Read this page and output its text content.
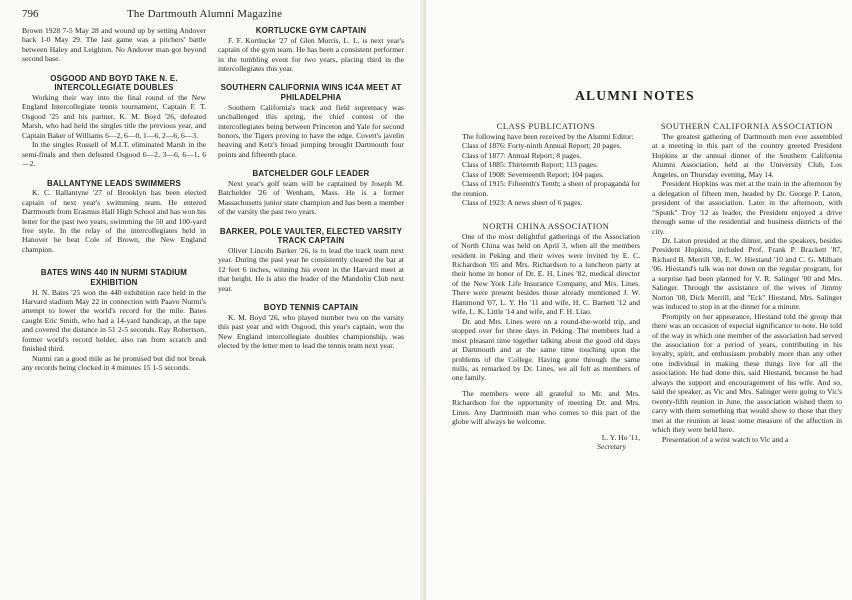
796	The Dartmouth Alumni Magazine

Brown 1928 7-5 May 28 and wound up by setting Andover back 1-0 May 29. The last game was a pitchers' battle between Haley and Leighton. No Andover man got beyond second base.

OSGOOD AND BOYD TAKE N. E. INTERCOLLEGIATE DOUBLES

Working their way into the final round of the New England Intercollegiate tennis tournament, Captain F. T. Osgood '25 and his partner, K. M. Boyd '26, defeated Marsh, who had held the singles title the previous year, and Captain Baker of Williams 6—2, 6—0, 1—6, 2—6, 6—3.

In the singles Russell of M.I.T. eliminated Marsh in the semi-finals and then defeated Osgood 6—2, 3—6, 6—1, 6—2.

BALLANTYNE LEADS SWIMMERS

K. C. Ballantyne '27 of Brooklyn has been elected captain of next year's swimming team. He entered Dartmouth from Erasmus Hall High School and has won his letter for the past two years, swimming the 50 and 100-yard free style. In the relay of the intercollegiates held in Hanover he beat Cole of Brown, the New England champion.

BATES WINS 440 IN NURMI STADIUM EXHIBITION

H. N. Bates '25 won the 440 exhibition race held in the Harvard stadium May 22 in connection with Paavo Nurmi's attempt to lower the world's record for the mile. Bates caught Eric Smith, who had a 14-yard handicap, at the tape and covered the distance in 51 2-5 seconds. Ray Robertson, former world's record holder, also ran from scratch and finished third.

Nurmi ran a good mile as he promised but did not break any records being clocked in 4 minutes 15 1-5 seconds.

KORTLUCKE GYM CAPTAIN

F. F. Kortlucke '27 of Glen Morris, L. I., is next year's captain of the gym team. He has been a consistent performer in the tumbling event for two years, placing third in the intercollegiates this year.

SOUTHERN CALIFORNIA WINS IC4A MEET AT PHILADELPHIA

Southern California's track and field supremacy was unchallenged this spring, the chief contest of the intercollegiates being between Princeton and Yale for second honors, the Tigers proving to have the edge. Covert's javelin heaving and Ketz's broad jumping brought Dartmouth four points and fifteenth place.

BATCHELDER GOLF LEADER

Next year's golf team will be captained by Joseph M. Batchelder '26 of Wenham, Mass. He is a former Massachusetts junior state champion and has been a member of the varsity the past two years.

BARKER, POLE VAULTER, ELECTED VARSITY TRACK CAPTAIN

Oliver Lincoln Barker '26, is to lead the track team next year. During the past year he consistently cleared the bar at 12 feet 6 inches, winning his event in the Harvard meet at that height. He is also the leader of the Mandolin Club next year.

BOYD TENNIS CAPTAIN

K. M. Boyd '26, who played number two on the varsity this past year and with Osgood, this year's captain, won the New England intercollegiate doubles championship, was elected by the letter men to lead the tennis team next year.

CLASS PUBLICATIONS

The following have been received by the Alumni Editor:

Class of 1876: Forty-ninth Annual Report; 20 pages.

Class of 1877: Annual Report; 8 pages.

Class of 1885: Thirteenth Report; 113 pages.

Class of 1908: Seventeenth Report; 104 pages.

Class of 1915: Fifteenth's Tenth; a sheet of propaganda for the reunion.

Class of 1923: A news sheet of 6 pages.

NORTH CHINA ASSOCIATION

One of the most delightful gatherings of the Association of North China was held on April 3, when all the members resident in Peking and their wives were invited by E. C. Richardson '05 and Mrs. Richardson to a luncheon party at their home in honor of Dr. E. H. Lines '82, medical director of the New York Life Insurance Company, and Mrs. Lines. There were present besides those already mentioned J. W. Hammond '07, L. Y. Ho '11 and wife, H. C. Barnett '12 and wife, L. K. Little '14 and wife, and F. H. Liao.

Dr. and Mrs. Lines were on a round-the-world trip, and stopped over for three days in Peking. The members had a most pleasant time together talking about the good old days at Dartmouth and at the same time touching upon the problems of the College. Having gone through the same mills, as remarked by Dr. Lines, we all felt as members of one family.

The members were all grateful to Mr. and Mrs. Richardson for the opportunity of meeting Dr. and Mrs. Lines. Any Dartmouth man who comes to this part of the globe will always be welcome.

L. Y. Ho '11,
Secretary
SOUTHERN CALIFORNIA ASSOCIATION

The greatest gathering of Dartmouth men ever assembled at a meeting in this part of the country greeted President Hopkins at the annual dinner of the Southern California Alumni Association, held at the University Club, Los Angeles, on Thursday evening, May 14.

President Hopkins was met at the train in the afternoon by a delegation of fifteen men, headed by Dr. George P. Laton, president of the association. Later in the afternoon, with "Spunk" Troy '12 as leader, the President enjoyed a drive through some of the residential and business districts of the city.

Dr. Laton presided at the dinner, and the speakers, besides President Hopkins, included Prof. Frank P. Brackett '87, Richard B. Merrill '08, E. W. Hiestand '10 and C. G. Milham '06. Hiestand's talk was not down on the regular program, for a surprise had been planned for V. R. Salinger '00 and Mrs. Salinger. Through the assistance of the wives of Jimmy Norton '08, Dick Merrill, and "Eck" Hiestand, Mrs. Salinger was induced to stop in at the dinner for a minute.

Promptly on her appearance, Hiestand told the group that there was an occasion of especial significance to note. He told of the way in which one member of the association had served the association for a period of years, contributing in his loyalty, spirit, and enthusiasm probably more than any other one individual in making these things live for all the association. He had done this, said Hiestand, because he had always the support and encouragement of his wife. And so, said the speaker, as Vic and Mrs. Salinger were going to Vic's twenty-fifth reunion in June, the association wished them to carry with them something that would show to those that they met at the reunion at least some measure of the affection in which they were held here.

Presentation of a wrist watch to Vic and a

ALUMNI NOTES
